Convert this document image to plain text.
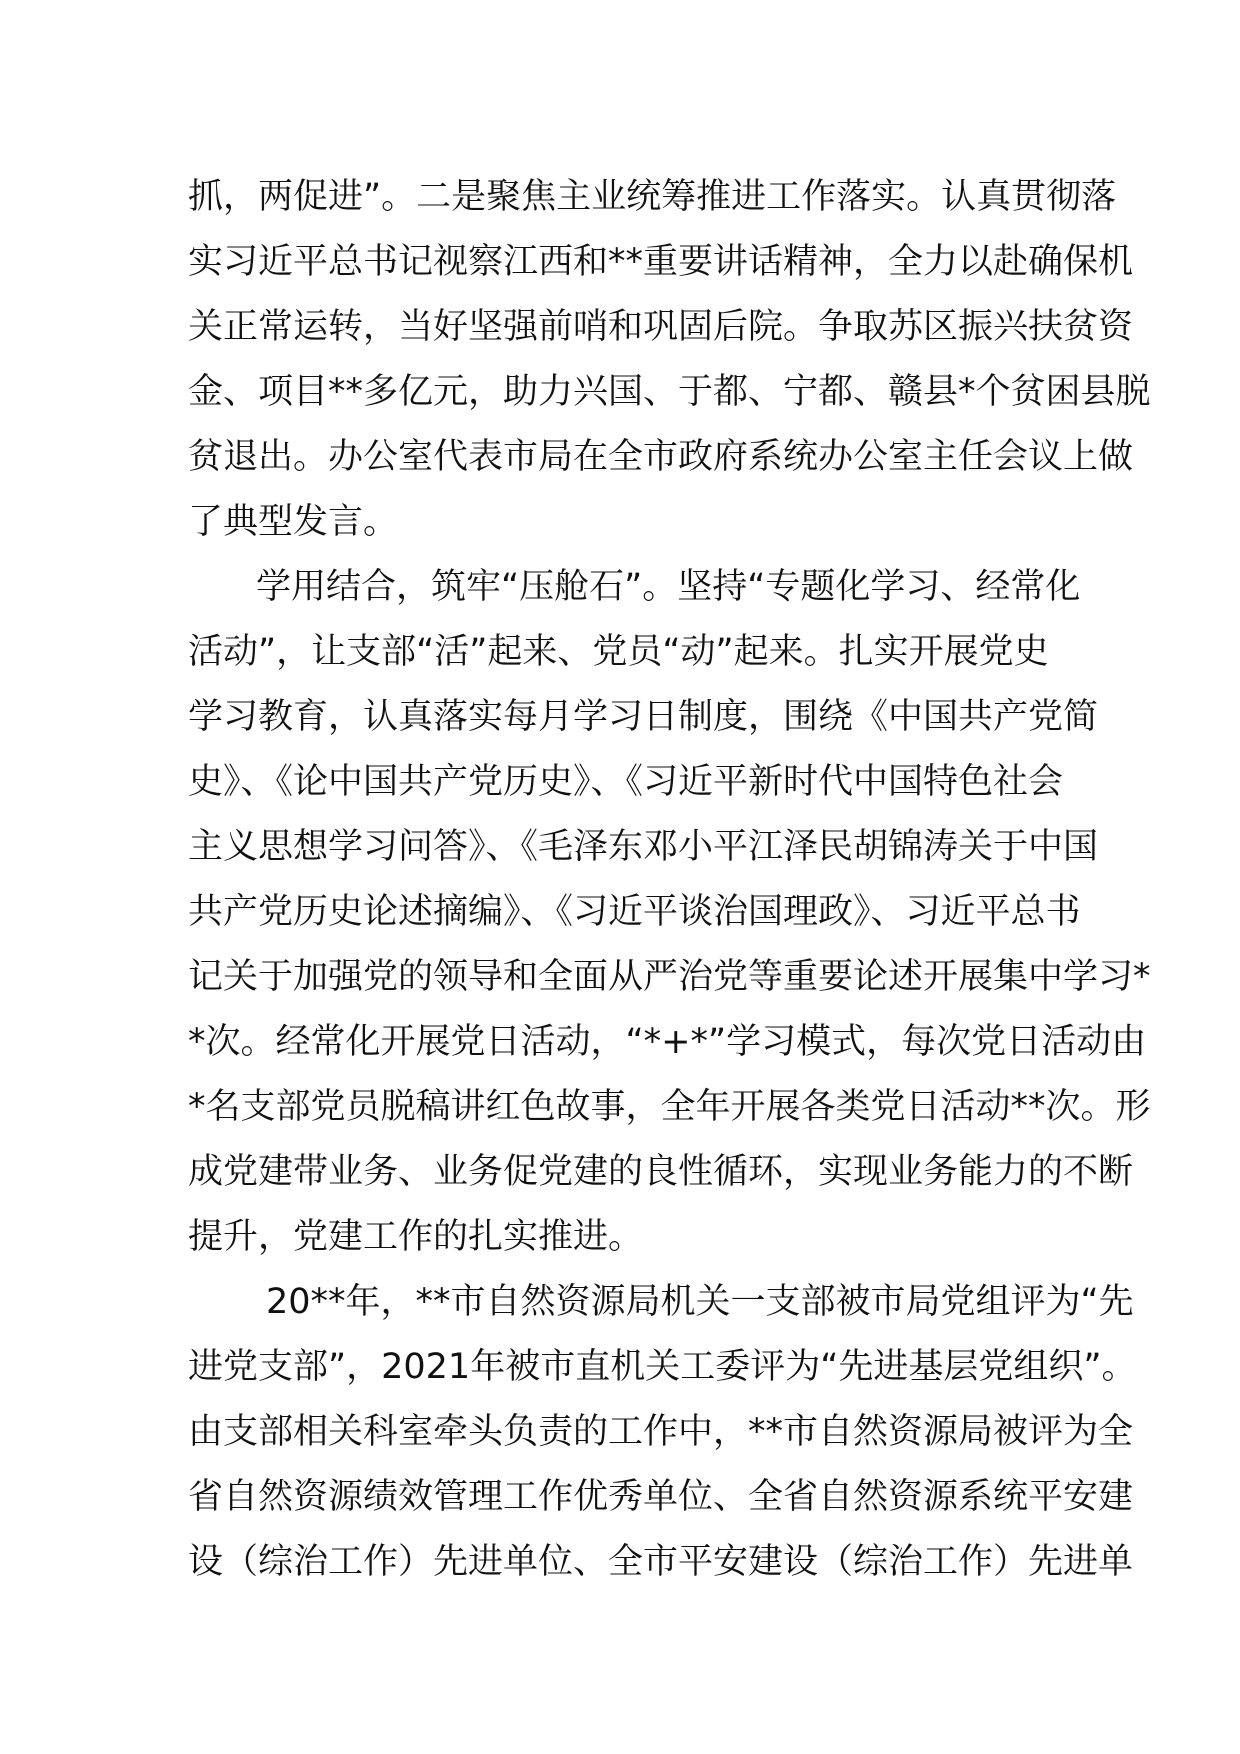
抓，两促进”。二是聚焦主业统筹推进工作落实。认真贯彻落
实习近平总书记视察江西和**重要讲话精神，全力以赴确保机
关正常运转，当好坚强前哨和巩固后院。争取苏区振兴扶贫资
金、项目**多亿元，助力兴国、于都、宁都、赣县*个贫困县脱
贫退出。办公室代表市局在全市政府系统办公室主任会议上做
了典型发言。
学用结合，筑牢“压舱石”。坚持“专题化学习、经常化
活动”，让支部“活”起来、党员“动”起来。扎实开展党史
学习教育，认真落实每月学习日制度，围绕《中国共产党简
史》、《论中国共产党历史》、《习近平新时代中国特色社会
主义思想学习问答》、《毛泽东邓小平江泽民胡锦涛关于中国
共产党历史论述摘编》、《习近平谈治国理政》、习近平总书
记关于加强党的领导和全面从严治党等重要论述开展集中学习*
*次。经常化开展党日活动，“*+*”学习模式，每次党日活动由
*名支部党员脱稿讲红色故事，全年开展各类党日活动**次。形
成党建带业务、业务促党建的良性循环，实现业务能力的不断
提升，党建工作的扎实推进。
20**年，**市自然资源局机关一支部被市局党组评为“先
进党支部”，2021年被市直机关工委评为“先进基层党组织”。
由支部相关科室牵头负责的工作中，**市自然资源局被评为全
省自然资源绩效管理工作优秀单位、全省自然资源系统平安建
设（综治工作）先进单位、全市平安建设（综治工作）先进单
